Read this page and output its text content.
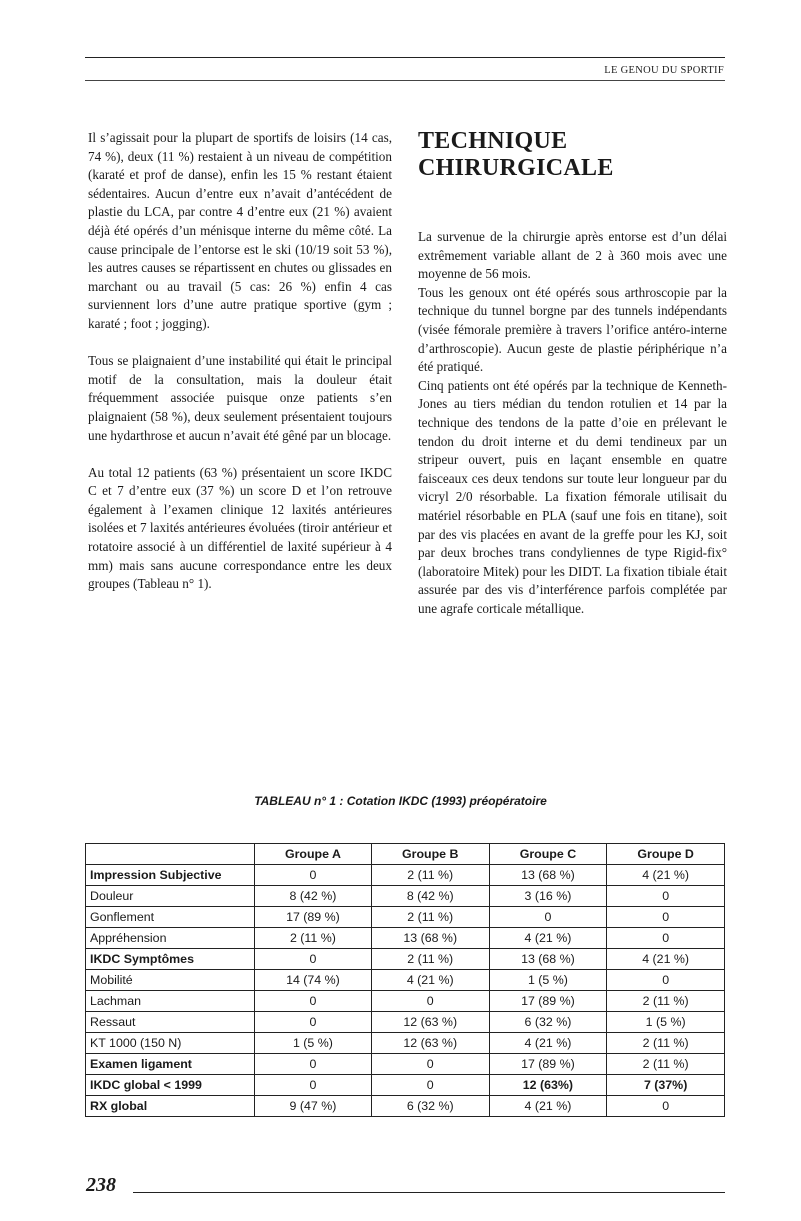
LE GENOU DU SPORTIF

Il s’agissait pour la plupart de sportifs de loisirs (14 cas, 74 %), deux (11 %) restaient à un niveau de compétition (karaté et prof de danse), enfin les 15 % restant étaient sédentaires. Aucun d’entre eux n’avait d’antécédent de plastie du LCA, par contre 4 d’entre eux (21 %) avaient déjà été opérés d’un ménisque interne du même côté. La cause principale de l’entorse est le ski (10/19 soit 53 %), les autres causes se répartissent en chutes ou glissades en marchant ou au travail (5 cas: 26 %) enfin 4 cas surviennent lors d’une autre pratique sportive (gym ; karaté ; foot ; jogging).

Tous se plaignaient d’une instabilité qui était le principal motif de la consultation, mais la douleur était fréquemment associée puisque onze patients s’en plaignaient (58 %), deux seulement présentaient toujours une hydarthrose et aucun n’avait été gêné par un blocage.

Au total 12 patients (63 %) présentaient un score IKDC C et 7 d’entre eux (37 %) un score D et l’on retrouve également à l’examen clinique 12 laxités antérieures isolées et 7 laxités antérieures évoluées (tiroir antérieur et rotatoire associé à un différentiel de laxité supérieur à 4 mm) mais sans aucune correspondance entre les deux groupes (Tableau n° 1).

TECHNIQUE
CHIRURGICALE

La survenue de la chirurgie après entorse est d’un délai extrêmement variable allant de 2 à 360 mois avec une moyenne de 56 mois.

Tous les genoux ont été opérés sous arthroscopie par la technique du tunnel borgne par des tunnels indépendants (visée fémorale première à travers l’orifice antéro-interne d’arthroscopie). Aucun geste de plastie périphérique n’a été pratiqué.

Cinq patients ont été opérés par la technique de Kenneth-Jones au tiers médian du tendon rotulien et 14 par la technique des tendons de la patte d’oie en prélevant le tendon du droit interne et du demi tendineux par un stripeur ouvert, puis en laçant ensemble en quatre faisceaux ces deux tendons sur toute leur longueur par du vicryl 2/0 résorbable. La fixation fémorale utilisait du matériel résorbable en PLA (sauf une fois en titane), soit par des vis placées en avant de la greffe pour les KJ, soit par deux broches trans condyliennes de type Rigid-fix° (laboratoire Mitek) pour les DIDT. La fixation tibiale était assurée par des vis d’interférence parfois complétée par une agrafe corticale métallique.

TABLEAU n° 1 : Cotation IKDC (1993) préopératoire
	Groupe A	Groupe B	Groupe C	Groupe D
Impression Subjective	0	2 (11 %)	13 (68 %)	4 (21 %)
Douleur	8 (42 %)	8 (42 %)	3 (16 %)	0
Gonflement	17 (89 %)	2 (11 %)	0	0
Appréhension	2 (11 %)	13 (68 %)	4 (21 %)	0
IKDC Symptômes	0	2 (11 %)	13 (68 %)	4 (21 %)
Mobilité	14 (74 %)	4 (21 %)	1 (5 %)	0
Lachman	0	0	17 (89 %)	2 (11 %)
Ressaut	0	12 (63 %)	6 (32 %)	1 (5 %)
KT 1000 (150 N)	1 (5 %)	12 (63 %)	4 (21 %)	2 (11 %)
Examen ligament	0	0	17 (89 %)	2 (11 %)
IKDC global < 1999	0	0	12 (63%)	7 (37%)
RX global	9 (47 %)	6 (32 %)	4 (21 %)	0
238
